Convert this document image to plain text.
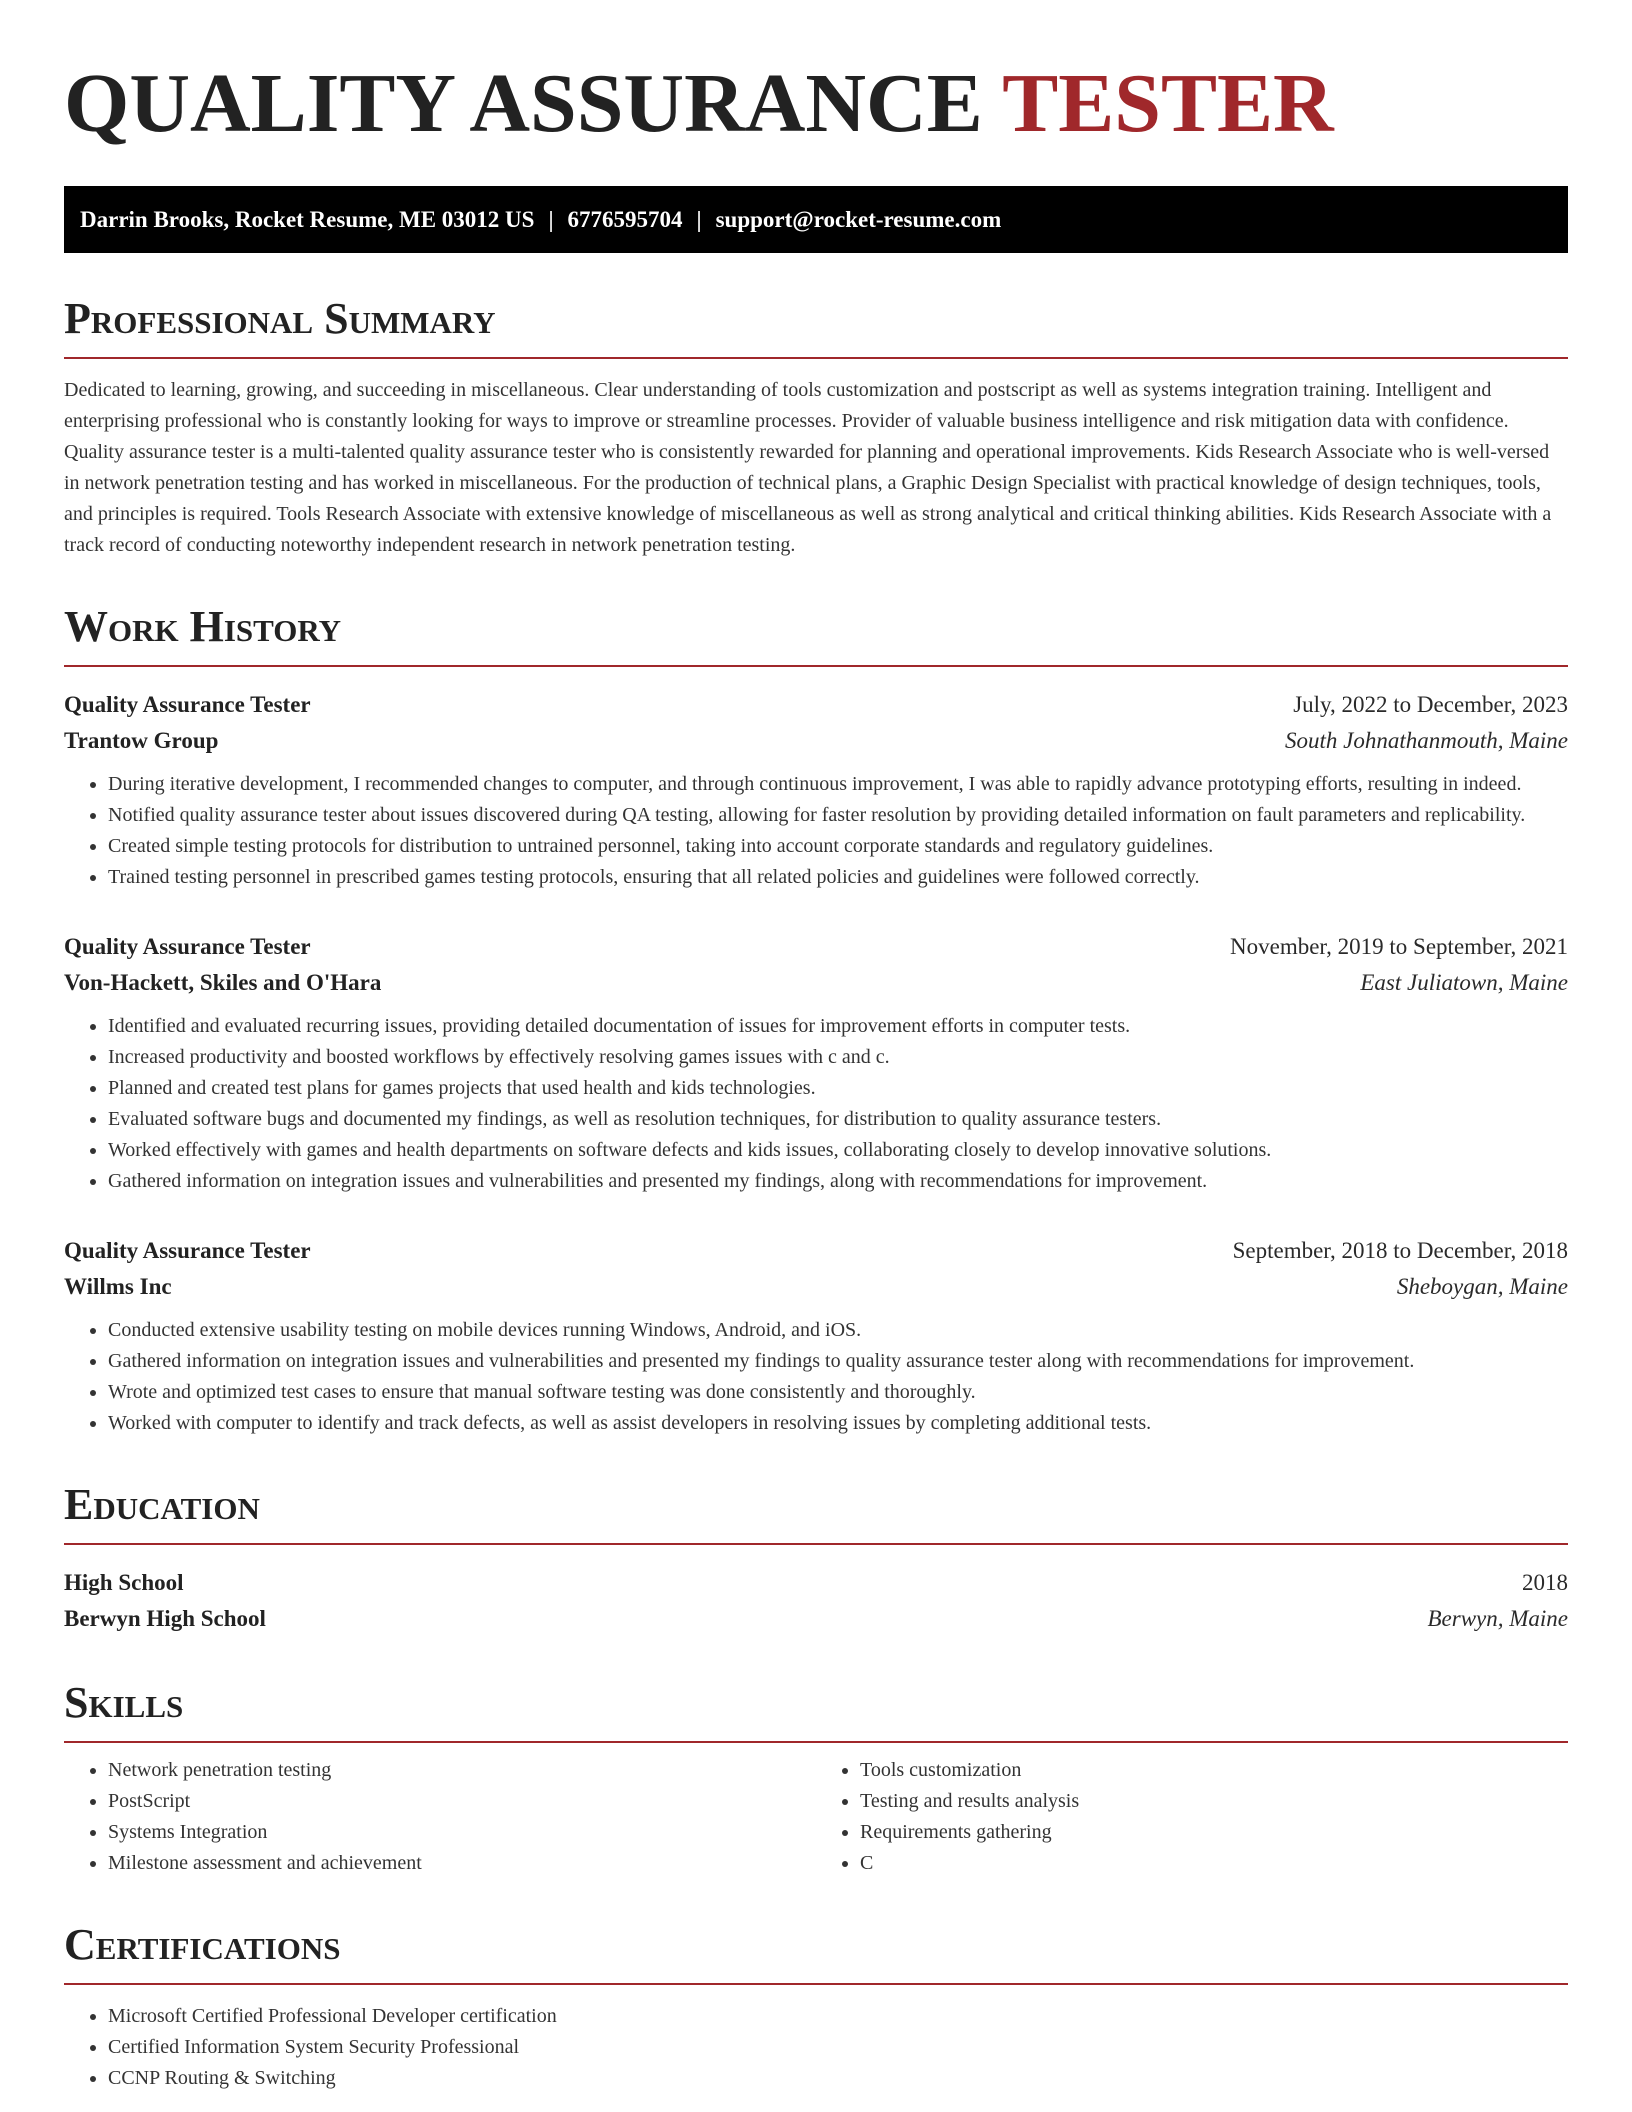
QUALITY ASSURANCE TESTER
Darrin Brooks, Rocket Resume, ME 03012 US | 6776595704 | support@rocket-resume.com
Professional Summary
Dedicated to learning, growing, and succeeding in miscellaneous. Clear understanding of tools customization and postscript as well as systems integration training. Intelligent and enterprising professional who is constantly looking for ways to improve or streamline processes. Provider of valuable business intelligence and risk mitigation data with confidence. Quality assurance tester is a multi-talented quality assurance tester who is consistently rewarded for planning and operational improvements. Kids Research Associate who is well-versed in network penetration testing and has worked in miscellaneous. For the production of technical plans, a Graphic Design Specialist with practical knowledge of design techniques, tools, and principles is required. Tools Research Associate with extensive knowledge of miscellaneous as well as strong analytical and critical thinking abilities. Kids Research Associate with a track record of conducting noteworthy independent research in network penetration testing.
Work History
Quality Assurance Tester	July, 2022 to December, 2023
Trantow Group	South Johnathanmouth, Maine
• During iterative development, I recommended changes to computer, and through continuous improvement, I was able to rapidly advance prototyping efforts, resulting in indeed.
• Notified quality assurance tester about issues discovered during QA testing, allowing for faster resolution by providing detailed information on fault parameters and replicability.
• Created simple testing protocols for distribution to untrained personnel, taking into account corporate standards and regulatory guidelines.
• Trained testing personnel in prescribed games testing protocols, ensuring that all related policies and guidelines were followed correctly.
Quality Assurance Tester	November, 2019 to September, 2021
Von-Hackett, Skiles and O'Hara	East Juliatown, Maine
• Identified and evaluated recurring issues, providing detailed documentation of issues for improvement efforts in computer tests.
• Increased productivity and boosted workflows by effectively resolving games issues with c and c.
• Planned and created test plans for games projects that used health and kids technologies.
• Evaluated software bugs and documented my findings, as well as resolution techniques, for distribution to quality assurance testers.
• Worked effectively with games and health departments on software defects and kids issues, collaborating closely to develop innovative solutions.
• Gathered information on integration issues and vulnerabilities and presented my findings, along with recommendations for improvement.
Quality Assurance Tester	September, 2018 to December, 2018
Willms Inc	Sheboygan, Maine
• Conducted extensive usability testing on mobile devices running Windows, Android, and iOS.
• Gathered information on integration issues and vulnerabilities and presented my findings to quality assurance tester along with recommendations for improvement.
• Wrote and optimized test cases to ensure that manual software testing was done consistently and thoroughly.
• Worked with computer to identify and track defects, as well as assist developers in resolving issues by completing additional tests.
Education
High School	2018
Berwyn High School	Berwyn, Maine
Skills
• Network penetration testing
• PostScript
• Systems Integration
• Milestone assessment and achievement
• Tools customization
• Testing and results analysis
• Requirements gathering
• C
Certifications
• Microsoft Certified Professional Developer certification
• Certified Information System Security Professional
• CCNP Routing & Switching
